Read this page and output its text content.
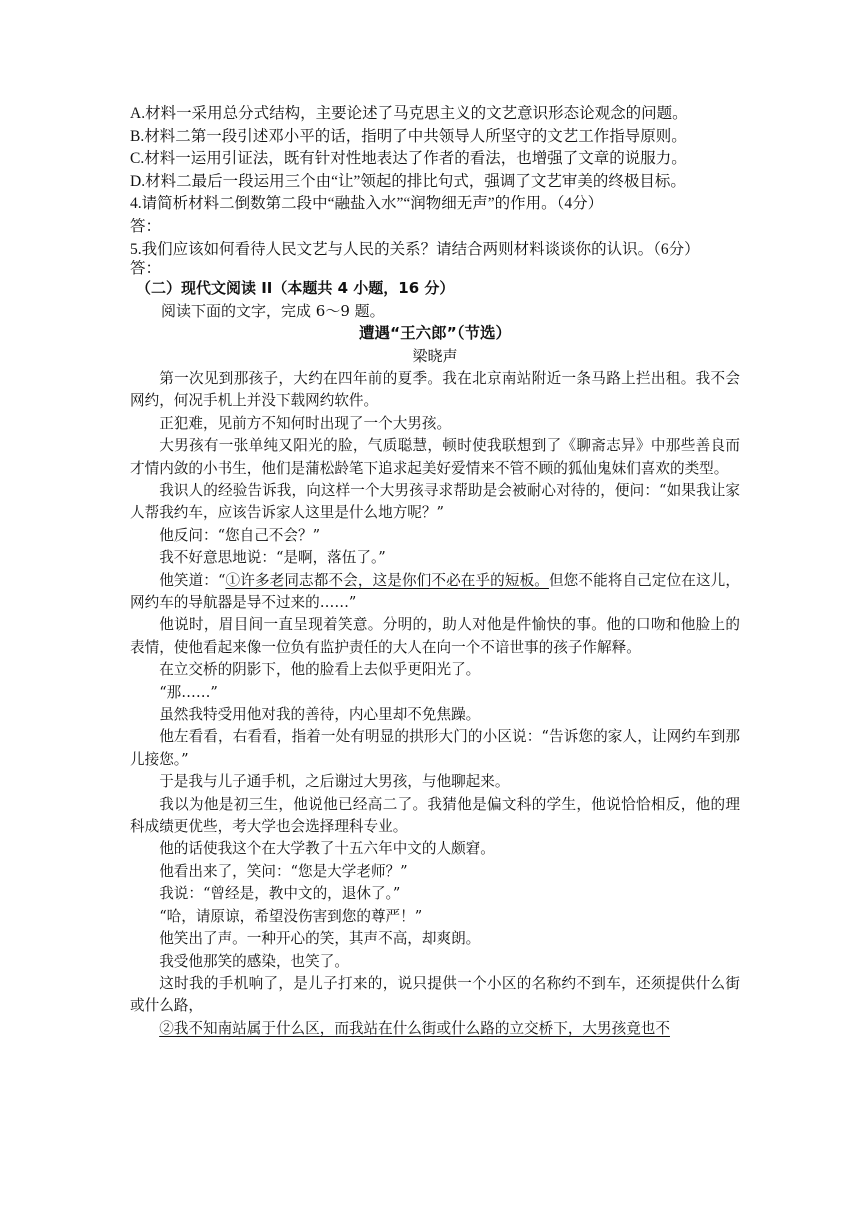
A.材料一采用总分式结构，主要论述了马克思主义的文艺意识形态论观念的问题。
B.材料二第一段引述邓小平的话，指明了中共领导人所坚守的文艺工作指导原则。
C.材料一运用引证法，既有针对性地表达了作者的看法，也增强了文章的说服力。
D.材料二最后一段运用三个由“让”领起的排比句式，强调了文艺审美的终极目标。
4.请简析材料二倒数第二段中“融盐入水”“润物细无声”的作用。（4分）
答：
5.我们应该如何看待人民文艺与人民的关系？请结合两则材料谈谈你的认识。（6分）
答：
（二）现代文阅读 II（本题共 4 小题，16 分）
阅读下面的文字，完成 6～9 题。
遭遇“王六郎”（节选）
梁晓声
第一次见到那孩子，大约在四年前的夏季。我在北京南站附近一条马路上拦出租。我不会网约，何况手机上并没下载网约软件。
正犯难，见前方不知何时出现了一个大男孩。
大男孩有一张单纯又阳光的脸，气质聪慧，顿时使我联想到了《聊斋志异》中那些善良而才情内敛的小书生，他们是蒲松龄笔下追求起美好爱情来不管不顾的狐仙鬼妹们喜欢的类型。
我识人的经验告诉我，向这样一个大男孩寻求帮助是会被耐心对待的，便问：“如果我让家人帮我约车，应该告诉家人这里是什么地方呢？”
他反问：“您自己不会？”
我不好意思地说：“是啊，落伍了。”
他笑道：“①许多老同志都不会，这是你们不必在乎的短板。但您不能将自己定位在这儿，网约车的导航器是导不过来的……”
他说时，眉目间一直呈现着笑意。分明的，助人对他是件愉快的事。他的口吻和他脸上的表情，使他看起来像一位负有监护责任的大人在向一个不谙世事的孩子作解释。
在立交桥的阴影下，他的脸看上去似乎更阳光了。
“那……”
虽然我特受用他对我的善待，内心里却不免焦躁。
他左看看，右看看，指着一处有明显的拱形大门的小区说：“告诉您的家人，让网约车到那儿接您。”
于是我与儿子通手机，之后谢过大男孩，与他聊起来。
我以为他是初三生，他说他已经高二了。我猜他是偏文科的学生，他说恰恰相反，他的理科成绩更优些，考大学也会选择理科专业。
他的话使我这个在大学教了十五六年中文的人颇窘。
他看出来了，笑问：“您是大学老师？”
我说：“曾经是，教中文的，退休了。”
“哈，请原谅，希望没伤害到您的尊严！”
他笑出了声。一种开心的笑，其声不高，却爽朗。
我受他那笑的感染，也笑了。
这时我的手机响了，是儿子打来的，说只提供一个小区的名称约不到车，还须提供什么街或什么路，
②我不知南站属于什么区，而我站在什么街或什么路的立交桥下，大男孩竟也不
